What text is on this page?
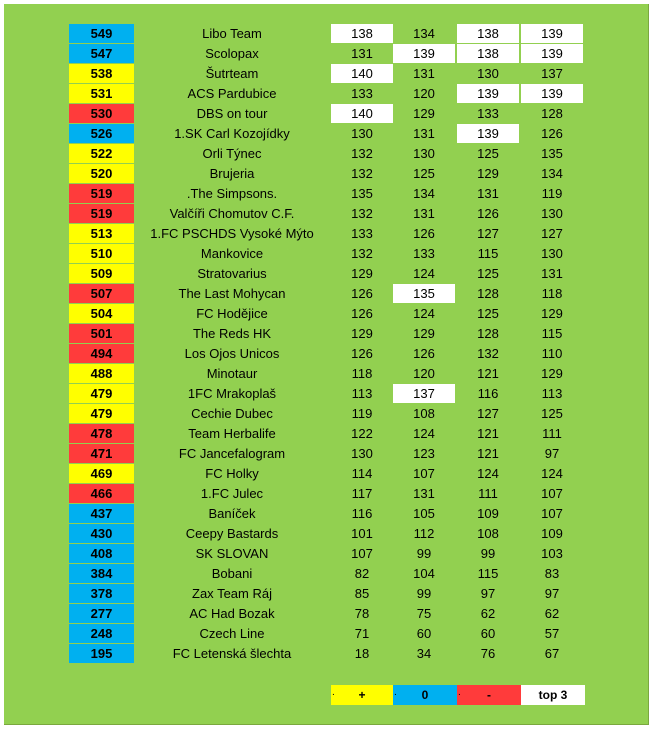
549	Libo Team	138	134	138	139
547	Scolopax	131	139	138	139
538	Šutrteam	140	131	130	137
531	ACS Pardubice	133	120	139	139
530	DBS on tour	140	129	133	128
526	1.SK Carl Kozojídky	130	131	139	126
522	Orli Týnec	132	130	125	135
520	Brujeria	132	125	129	134
519	.The Simpsons.	135	134	131	119
519	Valčíři Chomutov C.F.	132	131	126	130
513	1.FC PSCHDS Vysoké Mýto	133	126	127	127
510	Mankovice	132	133	115	130
509	Stratovarius	129	124	125	131
507	The Last Mohycan	126	135	128	118
504	FC Hodějice	126	124	125	129
501	The Reds HK	129	129	128	115
494	Los Ojos Unicos	126	126	132	110
488	Minotaur	118	120	121	129
479	1FC Mrakoplaš	113	137	116	113
479	Cechie Dubec	119	108	127	125
478	Team Herbalife	122	124	121	111
471	FC Jancefalogram	130	123	121	97
469	FC Holky	114	107	124	124
466	1.FC Julec	117	131	111	107
437	Baníček	116	105	109	107
430	Ceepy Bastards	101	112	108	109
408	SK SLOVAN	107	99	99	103
384	Bobani	82	104	115	83
378	Zax Team Ráj	85	99	97	97
277	AC Had Bozak	78	75	62	62
248	Czech Line	71	60	60	57
195	FC Letenská šlechta	18	34	76	67
. +	. 0	. -	top 3
